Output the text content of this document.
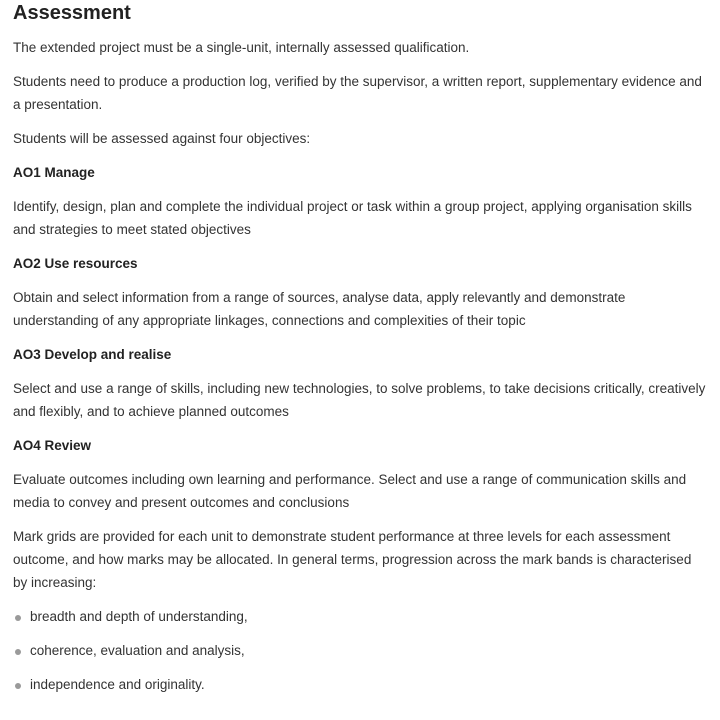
Assessment

The extended project must be a single-unit, internally assessed qualification.

Students need to produce a production log, verified by the supervisor, a written report, supplementary evidence and a presentation.

Students will be assessed against four objectives:

AO1 Manage

Identify, design, plan and complete the individual project or task within a group project, applying organisation skills and strategies to meet stated objectives

AO2 Use resources

Obtain and select information from a range of sources, analyse data, apply relevantly and demonstrate understanding of any appropriate linkages, connections and complexities of their topic

AO3 Develop and realise

Select and use a range of skills, including new technologies, to solve problems, to take decisions critically, creatively and flexibly, and to achieve planned outcomes

AO4 Review

Evaluate outcomes including own learning and performance. Select and use a range of communication skills and media to convey and present outcomes and conclusions

Mark grids are provided for each unit to demonstrate student performance at three levels for each assessment outcome, and how marks may be allocated. In general terms, progression across the mark bands is characterised by increasing:

breadth and depth of understanding,
coherence, evaluation and analysis,
independence and originality.
